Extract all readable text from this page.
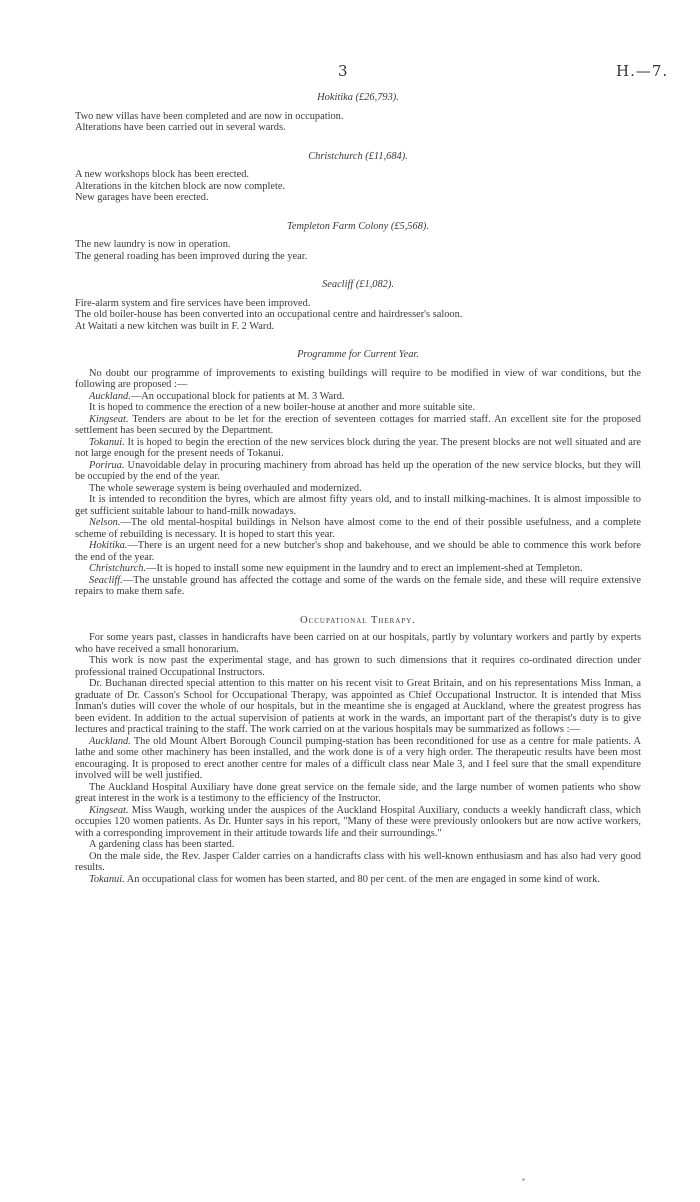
3	H.—7.
Hokitika (£26,793).
Two new villas have been completed and are now in occupation.
Alterations have been carried out in several wards.
Christchurch (£11,684).
A new workshops block has been erected.
Alterations in the kitchen block are now complete.
New garages have been erected.
Templeton Farm Colony (£5,568).
The new laundry is now in operation.
The general roading has been improved during the year.
Seacliff (£1,082).
Fire-alarm system and fire services have been improved.
The old boiler-house has been converted into an occupational centre and hairdresser's saloon.
At Waitati a new kitchen was built in F. 2 Ward.
Programme for Current Year.

No doubt our programme of improvements to existing buildings will require to be modified in view of war conditions, but the following are proposed :—

Auckland.—An occupational block for patients at M. 3 Ward.

It is hoped to commence the erection of a new boiler-house at another and more suitable site.

Kingseat. Tenders are about to be let for the erection of seventeen cottages for married staff. An excellent site for the proposed settlement has been secured by the Department.

Tokanui. It is hoped to begin the erection of the new services block during the year. The present blocks are not well situated and are not large enough for the present needs of Tokanui.

Porirua. Unavoidable delay in procuring machinery from abroad has held up the operation of the new service blocks, but they will be occupied by the end of the year.

The whole sewerage system is being overhauled and modernized.

It is intended to recondition the byres, which are almost fifty years old, and to install milking-machines. It is almost impossible to get sufficient suitable labour to hand-milk nowadays.

Nelson.—The old mental-hospital buildings in Nelson have almost come to the end of their possible usefulness, and a complete scheme of rebuilding is necessary. It is hoped to start this year.

Hokitika.—There is an urgent need for a new butcher's shop and bakehouse, and we should be able to commence this work before the end of the year.

Christchurch.—It is hoped to install some new equipment in the laundry and to erect an implement-shed at Templeton.

Seacliff.—The unstable ground has affected the cottage and some of the wards on the female side, and these will require extensive repairs to make them safe.

Occupational Therapy.

For some years past, classes in handicrafts have been carried on at our hospitals, partly by voluntary workers and partly by experts who have received a small honorarium.

This work is now past the experimental stage, and has grown to such dimensions that it requires co-ordinated direction under professional trained Occupational Instructors.

Dr. Buchanan directed special attention to this matter on his recent visit to Great Britain, and on his representations Miss Inman, a graduate of Dr. Casson's School for Occupational Therapy, was appointed as Chief Occupational Instructor. It is intended that Miss Inman's duties will cover the whole of our hospitals, but in the meantime she is engaged at Auckland, where the greatest progress has been evident. In addition to the actual supervision of patients at work in the wards, an important part of the therapist's duty is to give lectures and practical training to the staff. The work carried on at the various hospitals may be summarized as follows :—

Auckland. The old Mount Albert Borough Council pumping-station has been reconditioned for use as a centre for male patients. A lathe and some other machinery has been installed, and the work done is of a very high order. The therapeutic results have been most encouraging. It is proposed to erect another centre for males of a difficult class near Male 3, and I feel sure that the small expenditure involved will be well justified.

The Auckland Hospital Auxiliary have done great service on the female side, and the large number of women patients who show great interest in the work is a testimony to the efficiency of the Instructor.

Kingseat. Miss Waugh, working under the auspices of the Auckland Hospital Auxiliary, conducts a weekly handicraft class, which occupies 120 women patients. As Dr. Hunter says in his report, "Many of these were previously onlookers but are now active workers, with a corresponding improvement in their attitude towards life and their surroundings."

A gardening class has been started.

On the male side, the Rev. Jasper Calder carries on a handicrafts class with his well-known enthusiasm and has also had very good results.

Tokanui. An occupational class for women has been started, and 80 per cent. of the men are engaged in some kind of work.
